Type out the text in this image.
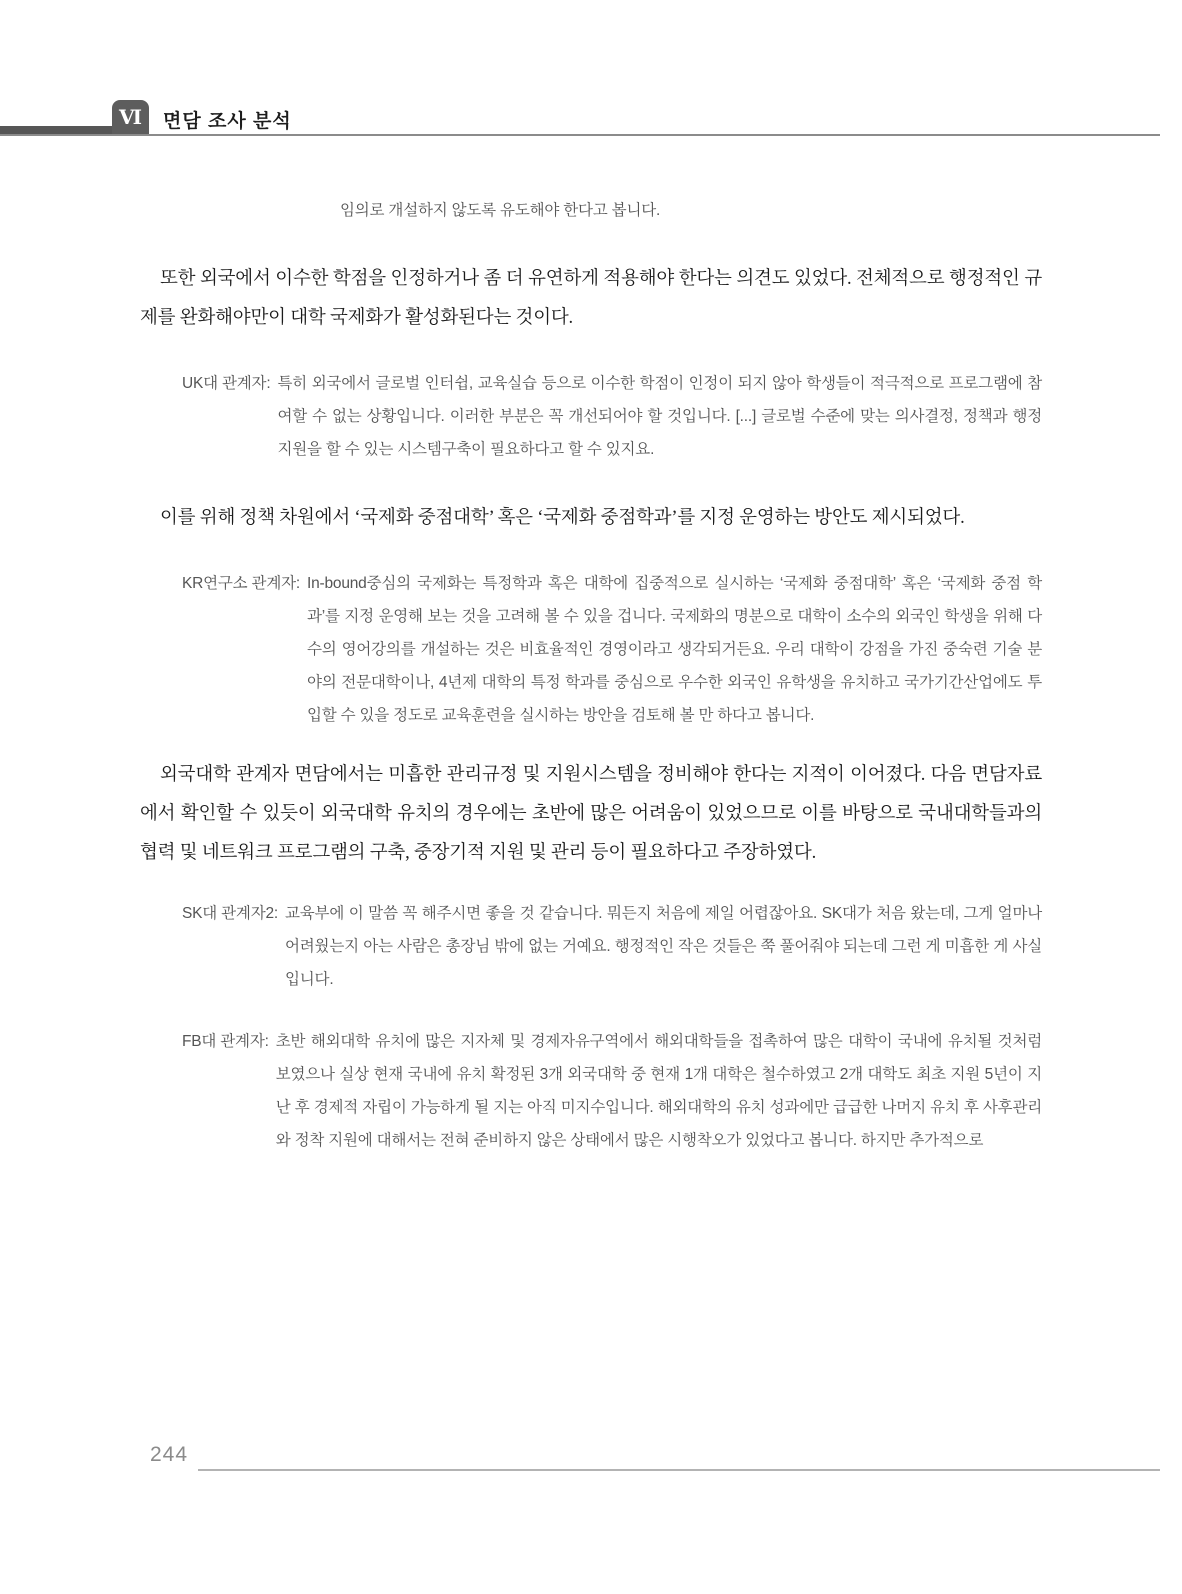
Ⅵ 면담 조사 분석
임의로 개설하지 않도록 유도해야 한다고 봅니다.
또한 외국에서 이수한 학점을 인정하거나 좀 더 유연하게 적용해야 한다는 의견도 있었다. 전체적으로 행정적인 규제를 완화해야만이 대학 국제화가 활성화된다는 것이다.
UK대 관계자: 특히 외국에서 글로벌 인터쉽, 교육실습 등으로 이수한 학점이 인정이 되지 않아 학생들이 적극적으로 프로그램에 참여할 수 없는 상황입니다. 이러한 부분은 꼭 개선되어야 할 것입니다. [...] 글로벌 수준에 맞는 의사결정, 정책과 행정 지원을 할 수 있는 시스템구축이 필요하다고 할 수 있지요.
이를 위해 정책 차원에서 ‘국제화 중점대학’ 혹은 ‘국제화 중점학과’를 지정 운영하는 방안도 제시되었다.
KR연구소 관계자: In-bound중심의 국제화는 특정학과 혹은 대학에 집중적으로 실시하는 ‘국제화 중점대학’ 혹은 ‘국제화 중점 학과’를 지정 운영해 보는 것을 고려해 볼 수 있을 겁니다. 국제화의 명분으로 대학이 소수의 외국인 학생을 위해 다수의 영어강의를 개설하는 것은 비효율적인 경영이라고 생각되거든요. 우리 대학이 강점을 가진 중숙련 기술 분야의 전문대학이나, 4년제 대학의 특정 학과를 중심으로 우수한 외국인 유학생을 유치하고 국가기간산업에도 투입할 수 있을 정도로 교육훈련을 실시하는 방안을 검토해 볼 만 하다고 봅니다.
외국대학 관계자 면담에서는 미흡한 관리규정 및 지원시스템을 정비해야 한다는 지적이 이어졌다. 다음 면담자료에서 확인할 수 있듯이 외국대학 유치의 경우에는 초반에 많은 어려움이 있었으므로 이를 바탕으로 국내대학들과의 협력 및 네트워크 프로그램의 구축, 중장기적 지원 및 관리 등이 필요하다고 주장하였다.
SK대 관계자2: 교육부에 이 말씀 꼭 해주시면 좋을 것 같습니다. 뭐든지 처음에 제일 어렵잖아요. SK대가 처음 왔는데, 그게 얼마나 어려웠는지 아는 사람은 총장님 밖에 없는 거예요. 행정적인 작은 것들은 쭉 풀어줘야 되는데 그런 게 미흡한 게 사실입니다.
FB대 관계자: 초반 해외대학 유치에 많은 지자체 및 경제자유구역에서 해외대학들을 접촉하여 많은 대학이 국내에 유치될 것처럼 보였으나 실상 현재 국내에 유치 확정된 3개 외국대학 중 현재 1개 대학은 철수하였고 2개 대학도 최초 지원 5년이 지난 후 경제적 자립이 가능하게 될 지는 아직 미지수입니다. 해외대학의 유치 성과에만 급급한 나머지 유치 후 사후관리와 정착 지원에 대해서는 전혀 준비하지 않은 상태에서 많은 시행착오가 있었다고 봅니다. 하지만 추가적으로
244
